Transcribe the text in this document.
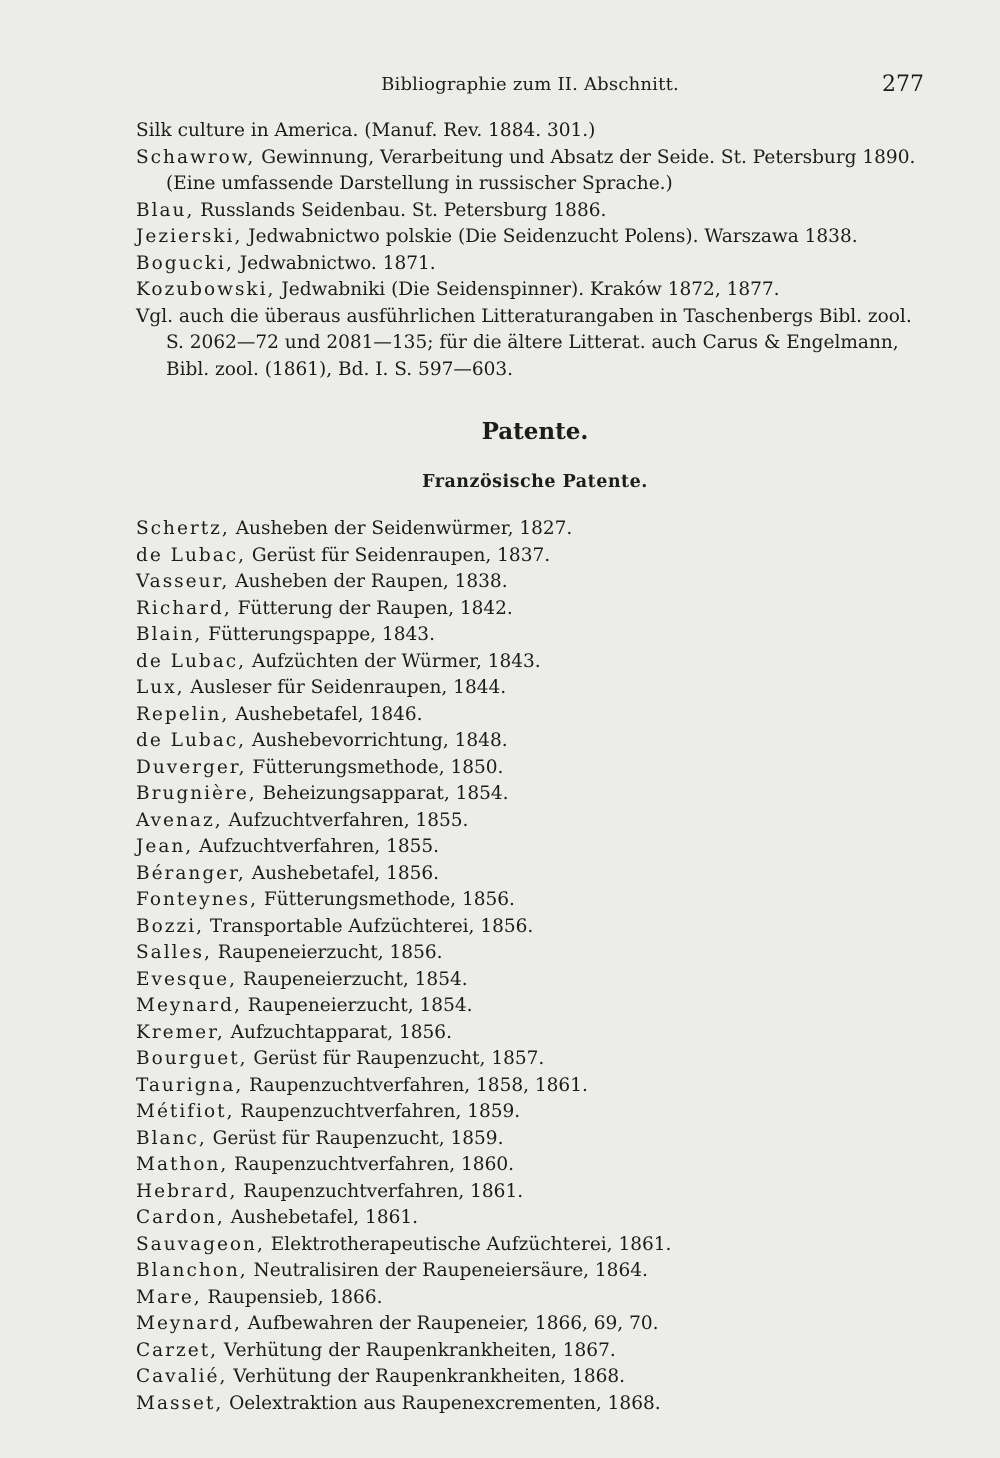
Bibliographie zum II. Abschnitt.	277

Silk culture in America. (Manuf. Rev. 1884. 301.)

Schawrow, Gewinnung, Verarbeitung und Absatz der Seide. St. Petersburg 1890. (Eine umfassende Darstellung in russischer Sprache.)

Blau, Russlands Seidenbau. St. Petersburg 1886.

Jezierski, Jedwabnictwo polskie (Die Seidenzucht Polens). Warszawa 1838.

Bogucki, Jedwabnictwo. 1871.

Kozubowski, Jedwabniki (Die Seidenspinner). Kraków 1872, 1877.

Vgl. auch die überaus ausführlichen Litteraturangaben in Taschenbergs Bibl. zool. S. 2062—72 und 2081—135; für die ältere Litterat. auch Carus & Engelmann, Bibl. zool. (1861), Bd. I. S. 597—603.

Patente.
Französische Patente.
Schertz, Ausheben der Seidenwürmer, 1827.
de Lubac, Gerüst für Seidenraupen, 1837.
Vasseur, Ausheben der Raupen, 1838.
Richard, Fütterung der Raupen, 1842.
Blain, Fütterungspappe, 1843.
de Lubac, Aufzüchten der Würmer, 1843.
Lux, Ausleser für Seidenraupen, 1844.
Repelin, Aushebetafel, 1846.
de Lubac, Aushebevorrichtung, 1848.
Duverger, Fütterungsmethode, 1850.
Brugnière, Beheizungsapparat, 1854.
Avenaz, Aufzuchtverfahren, 1855.
Jean, Aufzuchtverfahren, 1855.
Béranger, Aushebetafel, 1856.
Fonteynes, Fütterungsmethode, 1856.
Bozzi, Transportable Aufzüchterei, 1856.
Salles, Raupeneierzucht, 1856.
Evesque, Raupeneierzucht, 1854.
Meynard, Raupeneierzucht, 1854.
Kremer, Aufzuchtapparat, 1856.
Bourguet, Gerüst für Raupenzucht, 1857.
Taurigna, Raupenzuchtverfahren, 1858, 1861.
Métifiot, Raupenzuchtverfahren, 1859.
Blanc, Gerüst für Raupenzucht, 1859.
Mathon, Raupenzuchtverfahren, 1860.
Hebrard, Raupenzuchtverfahren, 1861.
Cardon, Aushebetafel, 1861.
Sauvageon, Elektrotherapeutische Aufzüchterei, 1861.
Blanchon, Neutralisiren der Raupeneiersäure, 1864.
Mare, Raupensieb, 1866.
Meynard, Aufbewahren der Raupeneier, 1866, 69, 70.
Carzet, Verhütung der Raupenkrankheiten, 1867.
Cavalié, Verhütung der Raupenkrankheiten, 1868.
Masset, Oelextraktion aus Raupenexcrementen, 1868.
